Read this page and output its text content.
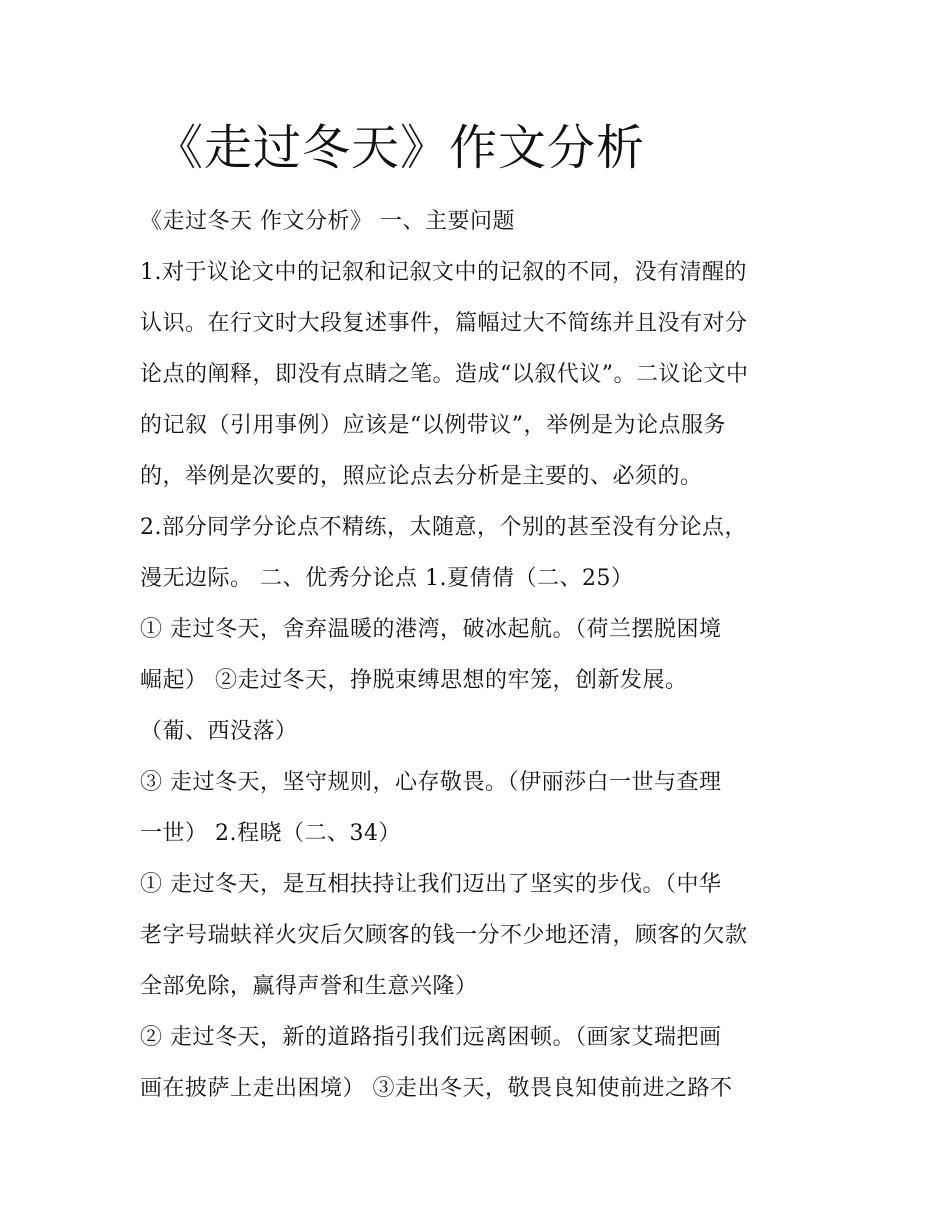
《走过冬天》作文分析
《走过冬天 作文分析》 一、主要问题
1.对于议论文中的记叙和记叙文中的记叙的不同，没有清醒的
认识。在行文时大段复述事件，篇幅过大不简练并且没有对分
论点的阐释，即没有点睛之笔。造成“以叙代议”。二议论文中
的记叙（引用事例）应该是“以例带议”，举例是为论点服务
的，举例是次要的，照应论点去分析是主要的、必须的。
2.部分同学分论点不精练，太随意，个别的甚至没有分论点，
漫无边际。 二、优秀分论点 1.夏倩倩（二、25）
① 走过冬天，舍弃温暖的港湾，破冰起航。（荷兰摆脱困境
崛起） ②走过冬天，挣脱束缚思想的牢笼，创新发展。
（葡、西没落）
③ 走过冬天，坚守规则，心存敬畏。（伊丽莎白一世与查理
一世） 2.程晓（二、34）
① 走过冬天，是互相扶持让我们迈出了坚实的步伐。（中华
老字号瑞蚨祥火灾后欠顾客的钱一分不少地还清，顾客的欠款
全部免除，赢得声誉和生意兴隆）
② 走过冬天，新的道路指引我们远离困顿。（画家艾瑞把画
画在披萨上走出困境） ③走出冬天，敬畏良知使前进之路不
